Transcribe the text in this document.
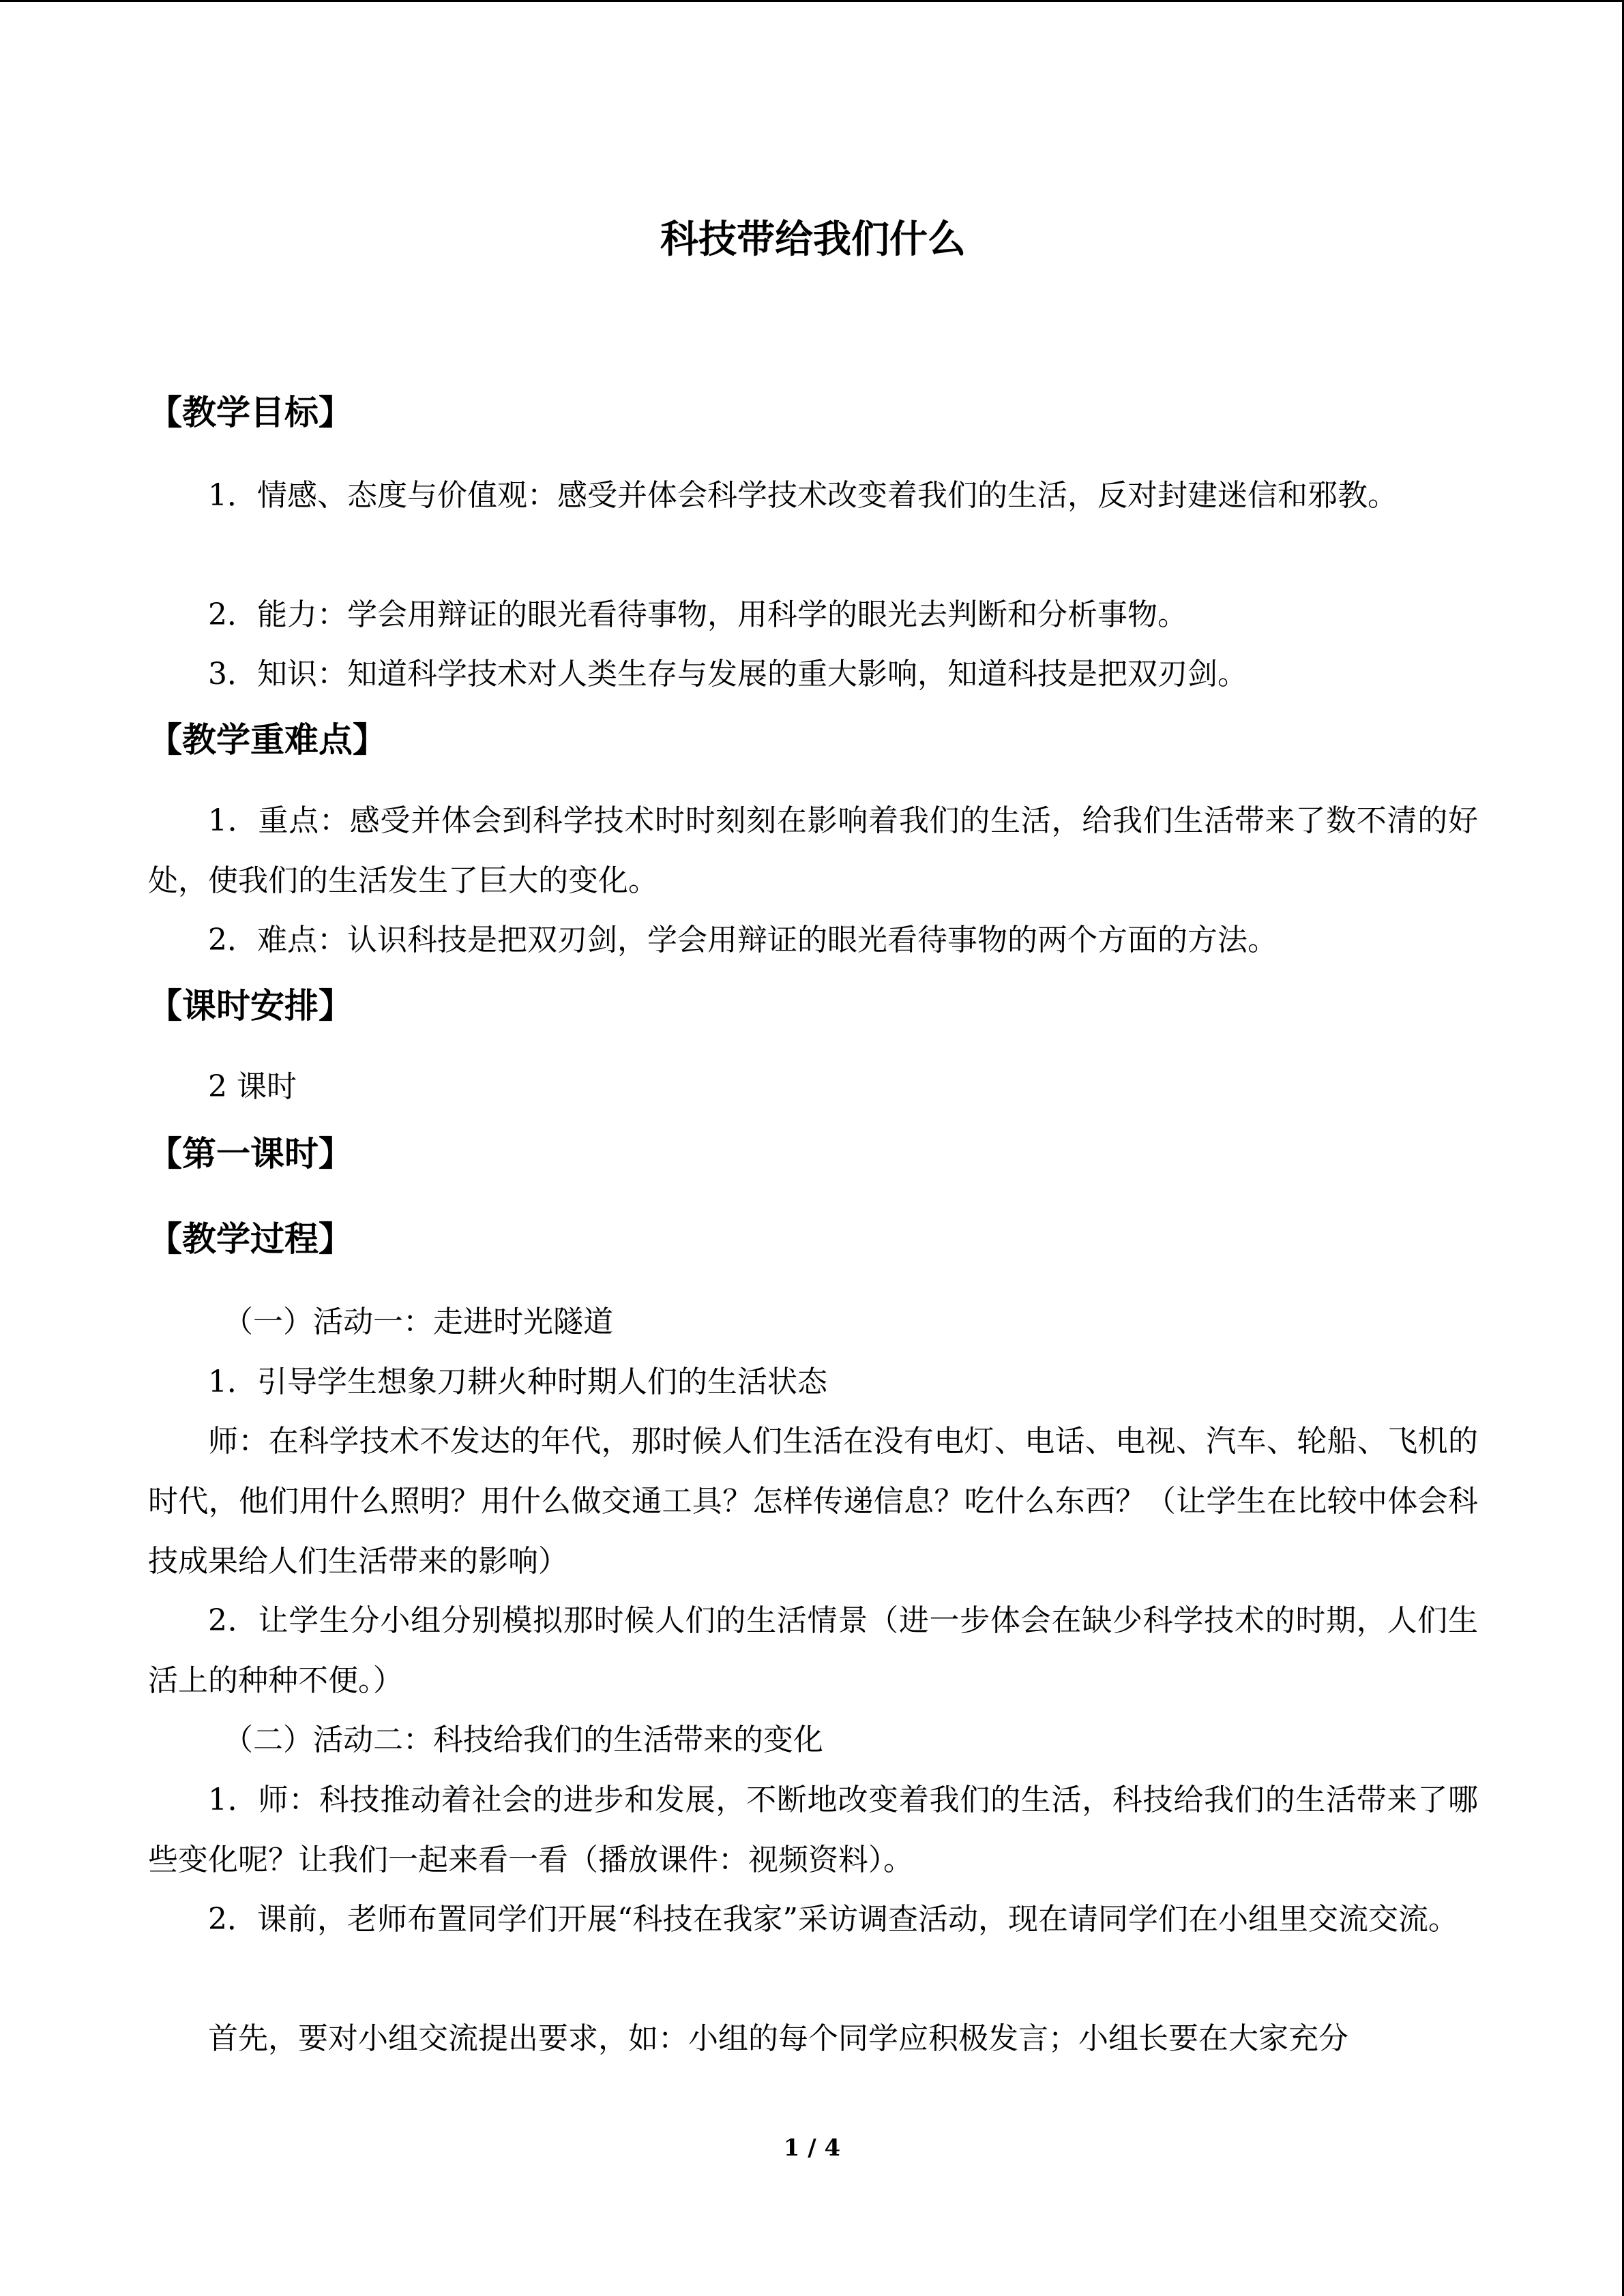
科技带给我们什么
【教学目标】
1．情感、态度与价值观：感受并体会科学技术改变着我们的生活，反对封建迷信和邪教。
2．能力：学会用辩证的眼光看待事物，用科学的眼光去判断和分析事物。
3．知识：知道科学技术对人类生存与发展的重大影响，知道科技是把双刃剑。
【教学重难点】
1．重点：感受并体会到科学技术时时刻刻在影响着我们的生活，给我们生活带来了数不清的好处，使我们的生活发生了巨大的变化。
2．难点：认识科技是把双刃剑，学会用辩证的眼光看待事物的两个方面的方法。
【课时安排】
2 课时
【第一课时】
【教学过程】
（一）活动一：走进时光隧道
1．引导学生想象刀耕火种时期人们的生活状态
师：在科学技术不发达的年代，那时候人们生活在没有电灯、电话、电视、汽车、轮船、飞机的时代，他们用什么照明？用什么做交通工具？怎样传递信息？吃什么东西？（让学生在比较中体会科技成果给人们生活带来的影响）
2．让学生分小组分别模拟那时候人们的生活情景（进一步体会在缺少科学技术的时期，人们生活上的种种不便。）
（二）活动二：科技给我们的生活带来的变化
1．师：科技推动着社会的进步和发展，不断地改变着我们的生活，科技给我们的生活带来了哪些变化呢？让我们一起来看一看（播放课件：视频资料）。
2．课前，老师布置同学们开展“科技在我家”采访调查活动，现在请同学们在小组里交流交流。
首先，要对小组交流提出要求，如：小组的每个同学应积极发言；小组长要在大家充分
1 / 4
